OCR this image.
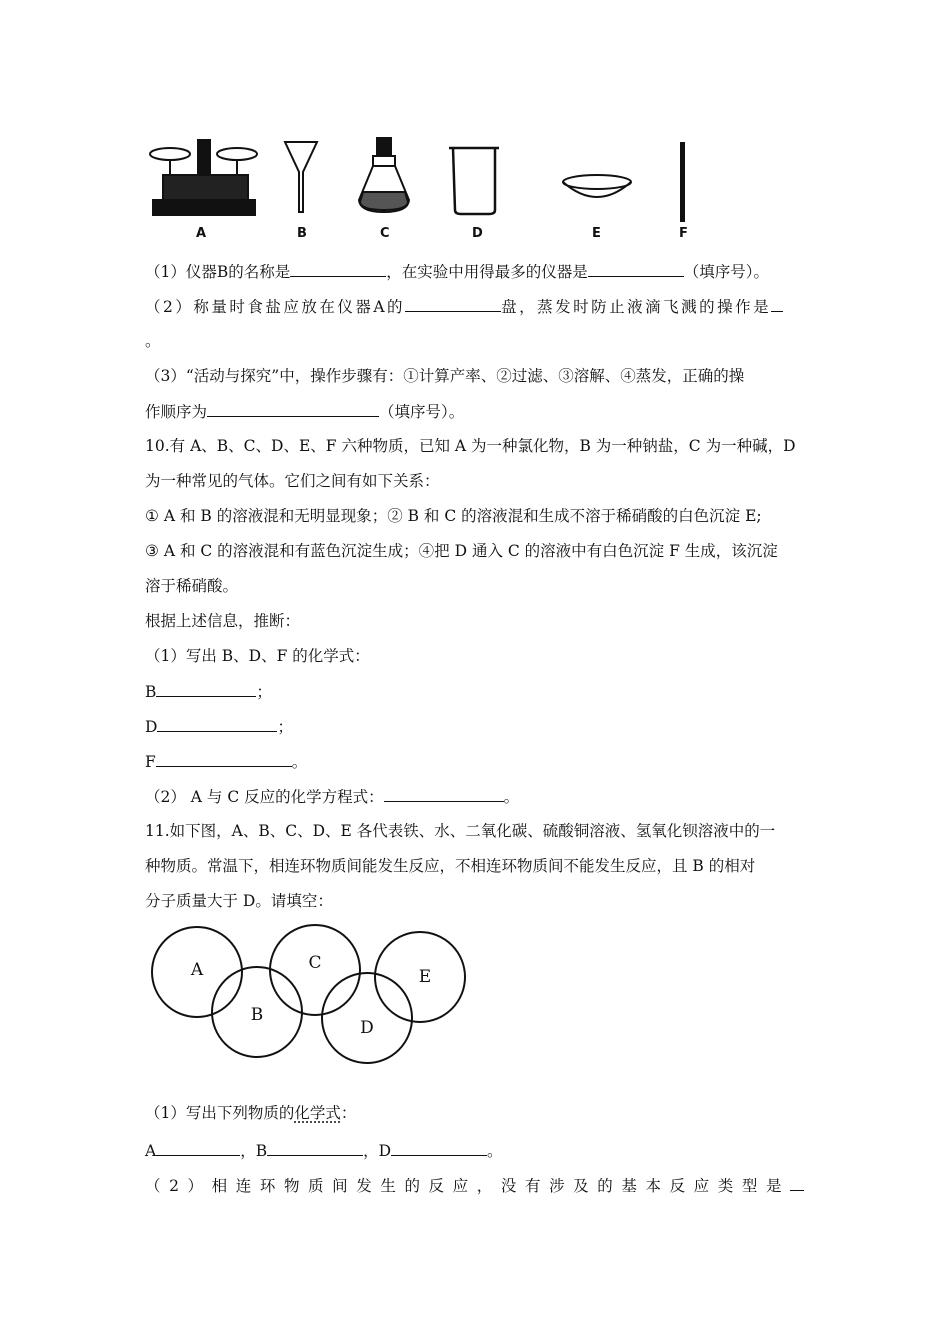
A	B	C	D	E	F
（1）仪器B的名称是	，在实验中用得最多的仪器是	（填序号）。
（2）称量时食盐应放在仪器A的	盘，蒸发时防止液滴飞溅的操作是
。
（3）“活动与探究”中，操作步骤有：①计算产率、②过滤、③溶解、④蒸发，正确的操
作顺序为	（填序号）。
10.有 A、B、C、D、E、F 六种物质，已知 A 为一种氯化物，B 为一种钠盐，C 为一种碱，D
为一种常见的气体。它们之间有如下关系：
① A 和 B 的溶液混和无明显现象；② B 和 C 的溶液混和生成不溶于稀硝酸的白色沉淀 E;
③ A 和 C 的溶液混和有蓝色沉淀生成；④把 D 通入 C 的溶液中有白色沉淀 F 生成，该沉淀
溶于稀硝酸。
根据上述信息，推断：
（1）写出 B、D、F 的化学式：
B	；
D	；
F	。
（2） A 与 C 反应的化学方程式：	。
11.如下图，A、B、C、D、E 各代表铁、水、二氧化碳、硫酸铜溶液、氢氧化钡溶液中的一
种物质。常温下，相连环物质间能发生反应，不相连环物质间不能发生反应，且 B 的相对
分子质量大于 D。请填空：
A
B
C
D
E
（1）写出下列物质的化学式：
A	，B	，D	。
（2）相连环物质间发生的反应，没有涉及的基本反应类型是
